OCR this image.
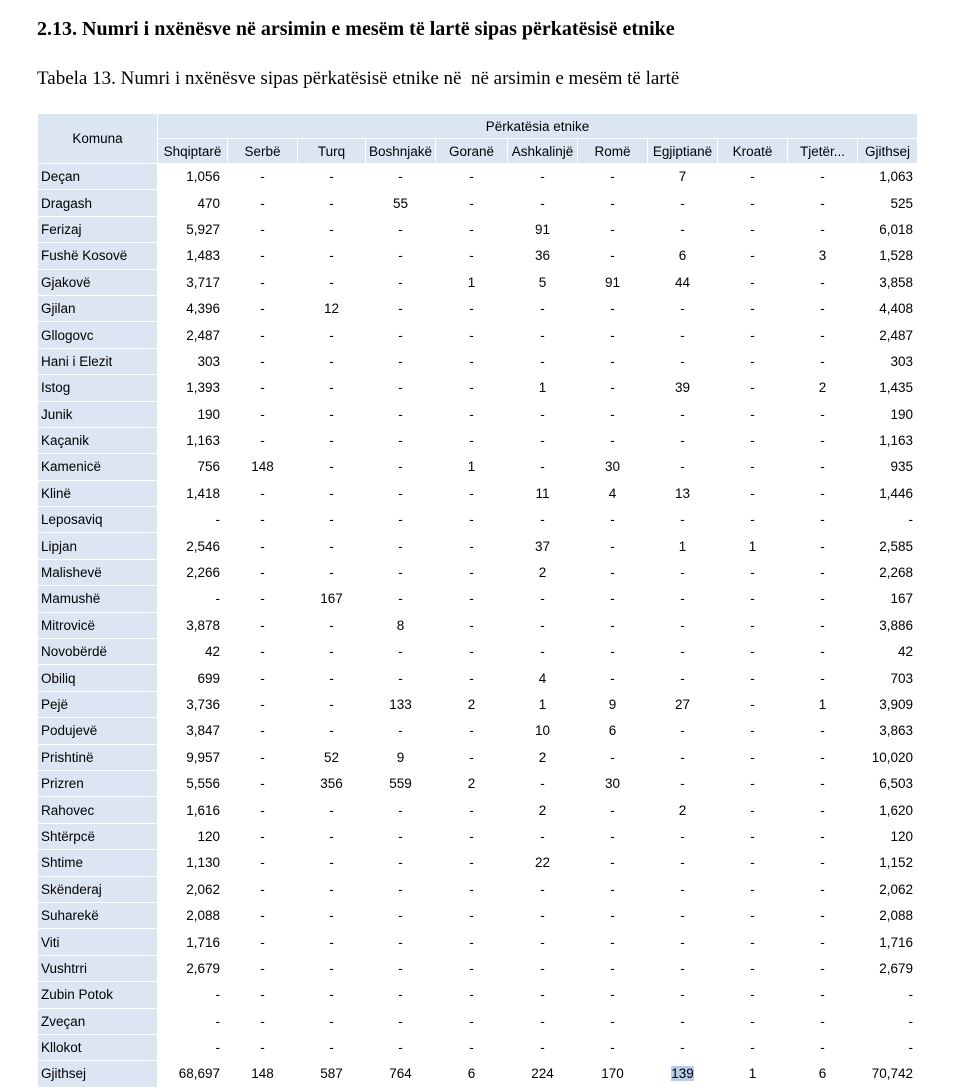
2.13. Numri i nxënësve në arsimin e mesëm të lartë sipas përkatësisë etnike
Tabela 13. Numri i nxënësve sipas përkatësisë etnike në  në arsimin e mesëm të lartë
Komuna	Përkatësia etnike										
	Shqiptarë	Serbë	Turq	Boshnjakë	Goranë	Ashkalinjë	Romë	Egjiptianë	Kroatë	Tjetër...	Gjithsej
Deçan	1,056	-	-	-	-	-	-	7	-	-	1,063
Dragash	470	-	-	55	-	-	-	-	-	-	525
Ferizaj	5,927	-	-	-	-	91	-	-	-	-	6,018
Fushë Kosovë	1,483	-	-	-	-	36	-	6	-	3	1,528
Gjakovë	3,717	-	-	-	1	5	91	44	-	-	3,858
Gjilan	4,396	-	12	-	-	-	-	-	-	-	4,408
Gllogovc	2,487	-	-	-	-	-	-	-	-	-	2,487
Hani i Elezit	303	-	-	-	-	-	-	-	-	-	303
Istog	1,393	-	-	-	-	1	-	39	-	2	1,435
Junik	190	-	-	-	-	-	-	-	-	-	190
Kaçanik	1,163	-	-	-	-	-	-	-	-	-	1,163
Kamenicë	756	148	-	-	1	-	30	-	-	-	935
Klinë	1,418	-	-	-	-	11	4	13	-	-	1,446
Leposaviq	-	-	-	-	-	-	-	-	-	-	-
Lipjan	2,546	-	-	-	-	37	-	1	1	-	2,585
Malishevë	2,266	-	-	-	-	2	-	-	-	-	2,268
Mamushë	-	-	167	-	-	-	-	-	-	-	167
Mitrovicë	3,878	-	-	8	-	-	-	-	-	-	3,886
Novobërdë	42	-	-	-	-	-	-	-	-	-	42
Obiliq	699	-	-	-	-	4	-	-	-	-	703
Pejë	3,736	-	-	133	2	1	9	27	-	1	3,909
Podujevë	3,847	-	-	-	-	10	6	-	-	-	3,863
Prishtinë	9,957	-	52	9	-	2	-	-	-	-	10,020
Prizren	5,556	-	356	559	2	-	30	-	-	-	6,503
Rahovec	1,616	-	-	-	-	2	-	2	-	-	1,620
Shtërpcë	120	-	-	-	-	-	-	-	-	-	120
Shtime	1,130	-	-	-	-	22	-	-	-	-	1,152
Skënderaj	2,062	-	-	-	-	-	-	-	-	-	2,062
Suharekë	2,088	-	-	-	-	-	-	-	-	-	2,088
Viti	1,716	-	-	-	-	-	-	-	-	-	1,716
Vushtrri	2,679	-	-	-	-	-	-	-	-	-	2,679
Zubin Potok	-	-	-	-	-	-	-	-	-	-	-
Zveçan	-	-	-	-	-	-	-	-	-	-	-
Kllokot	-	-	-	-	-	-	-	-	-	-	-
Gjithsej	68,697	148	587	764	6	224	170	139	1	6	70,742
